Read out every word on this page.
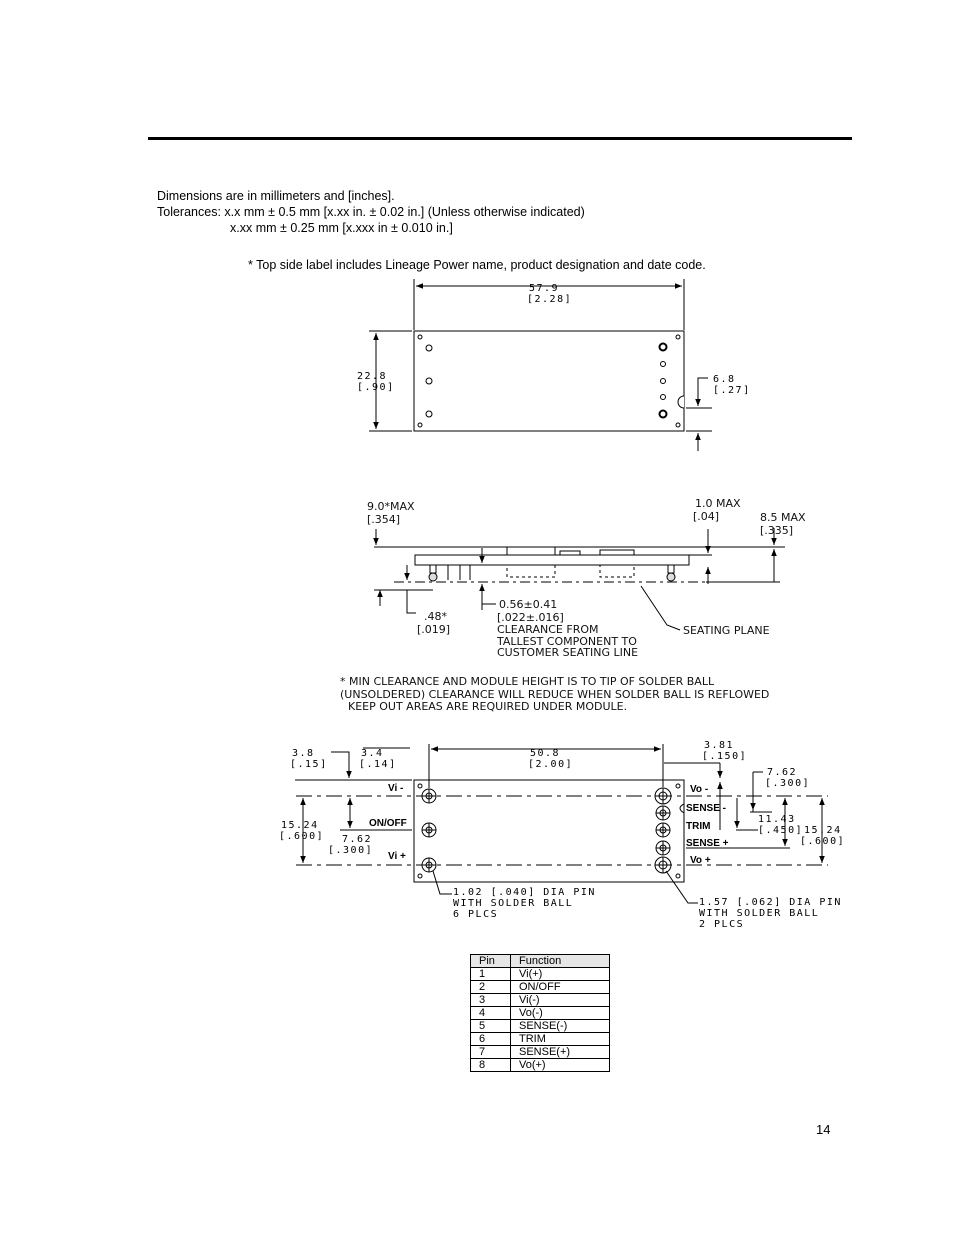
Dimensions are in millimeters and [inches].
Tolerances: x.x mm ± 0.5 mm [x.xx in. ± 0.02 in.] (Unless otherwise indicated)
x.xx mm ± 0.25 mm [x.xxx in ± 0.010 in.]
* Top side label includes Lineage Power name, product designation and date code.
57.9
[2.28]
22.8
[.90]
6.8
[.27]
9.0*MAX
[.354]
1.0 MAX
[.04]	8.5 MAX
[.335]
.48*
[.019]
0.56±0.41
[.022±.016]
CLEARANCE FROM
TALLEST COMPONENT TO
CUSTOMER SEATING LINE
SEATING PLANE
* MIN CLEARANCE AND MODULE HEIGHT IS TO TIP OF SOLDER BALL
(UNSOLDERED) CLEARANCE WILL REDUCE WHEN SOLDER BALL IS REFLOWED
KEEP OUT AREAS ARE REQUIRED UNDER MODULE.
3.8
[.15]
3.4
[.14]
50.8
[2.00]
3.81
[.150]
7.62
[.300]
11.43
[.450] 15.24
[.600]
15.24
[.600] 7.62
[.300]
Vi -
ON/OFF
Vi +
Vo -
SENSE -
TRIM
SENSE +
Vo +
1.02 [.040] DIA PIN
WITH SOLDER BALL
6 PLCS
1.57 [.062] DIA PIN
WITH SOLDER BALL
2 PLCS
Pin	Function
1	Vi(+)
2	ON/OFF
3	Vi(-)
4	Vo(-)
5	SENSE(-)
6	TRIM
7	SENSE(+)
8	Vo(+)
14
